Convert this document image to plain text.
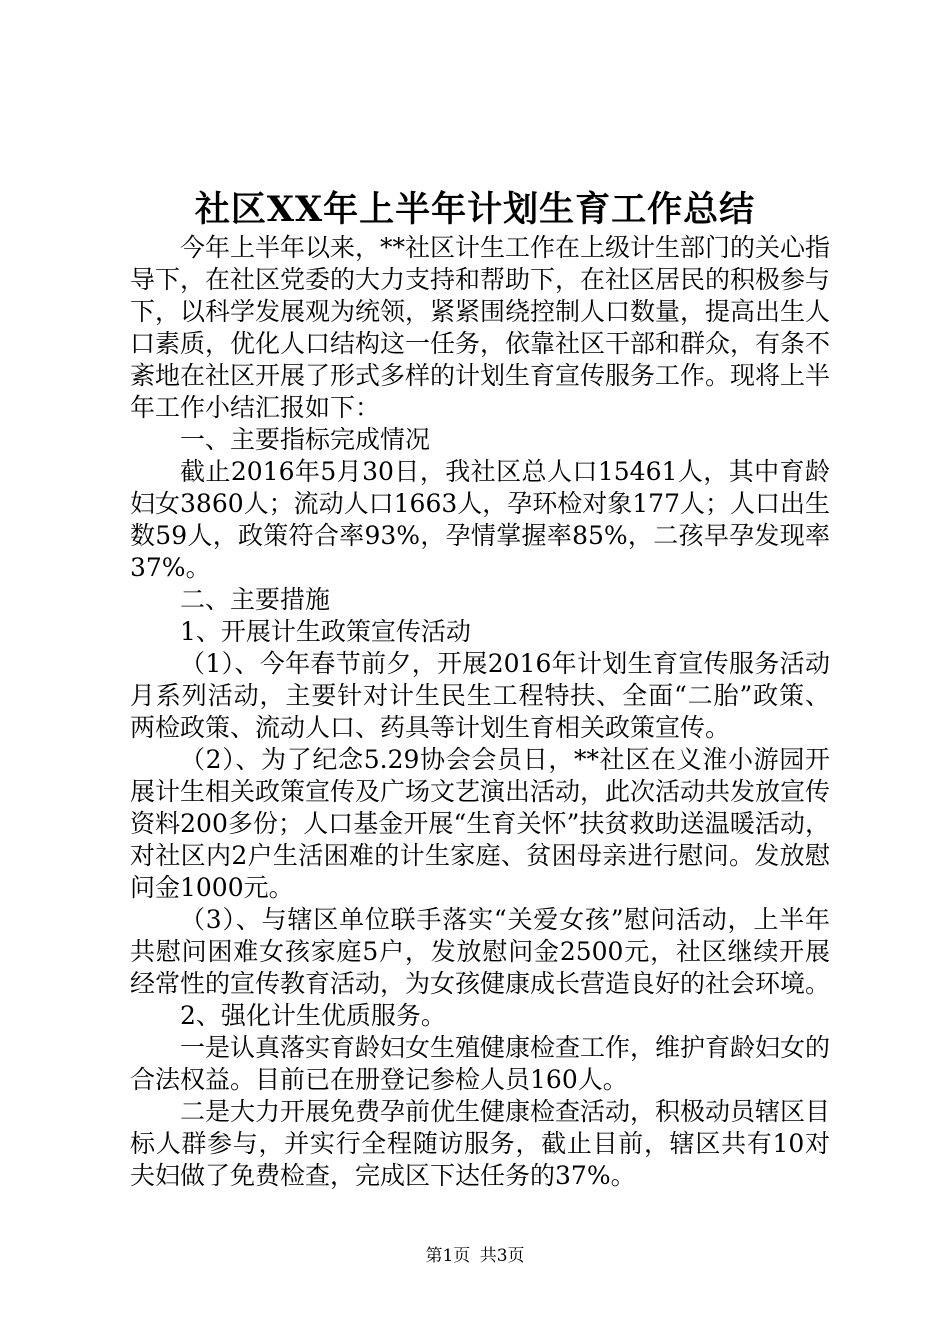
社区XX年上半年计划生育工作总结

今年上半年以来，**社区计生工作在上级计生部门的关心指导下，在社区党委的大力支持和帮助下，在社区居民的积极参与下，以科学发展观为统领，紧紧围绕控制人口数量，提高出生人口素质，优化人口结构这一任务，依靠社区干部和群众，有条不紊地在社区开展了形式多样的计划生育宣传服务工作。现将上半年工作小结汇报如下：

一、主要指标完成情况

截止2016年5月30日，我社区总人口15461人，其中育龄妇女3860人；流动人口1663人，孕环检对象177人；人口出生数59人，政策符合率93%，孕情掌握率85%，二孩早孕发现率37%。

二、主要措施

1、开展计生政策宣传活动

（1）、今年春节前夕，开展2016年计划生育宣传服务活动月系列活动，主要针对计生民生工程特扶、全面“二胎”政策、两检政策、流动人口、药具等计划生育相关政策宣传。

（2）、为了纪念5.29协会会员日，**社区在义淮小游园开展计生相关政策宣传及广场文艺演出活动，此次活动共发放宣传资料200多份；人口基金开展“生育关怀”扶贫救助送温暖活动，对社区内2户生活困难的计生家庭、贫困母亲进行慰问。发放慰问金1000元。

（3）、与辖区单位联手落实“关爱女孩”慰问活动，上半年共慰问困难女孩家庭5户，发放慰问金2500元，社区继续开展经常性的宣传教育活动，为女孩健康成长营造良好的社会环境。

2、强化计生优质服务。

一是认真落实育龄妇女生殖健康检查工作，维护育龄妇女的合法权益。目前已在册登记参检人员160人。

二是大力开展免费孕前优生健康检查活动，积极动员辖区目标人群参与，并实行全程随访服务，截止目前，辖区共有10对夫妇做了免费检查，完成区下达任务的37%。

第1页 共3页
